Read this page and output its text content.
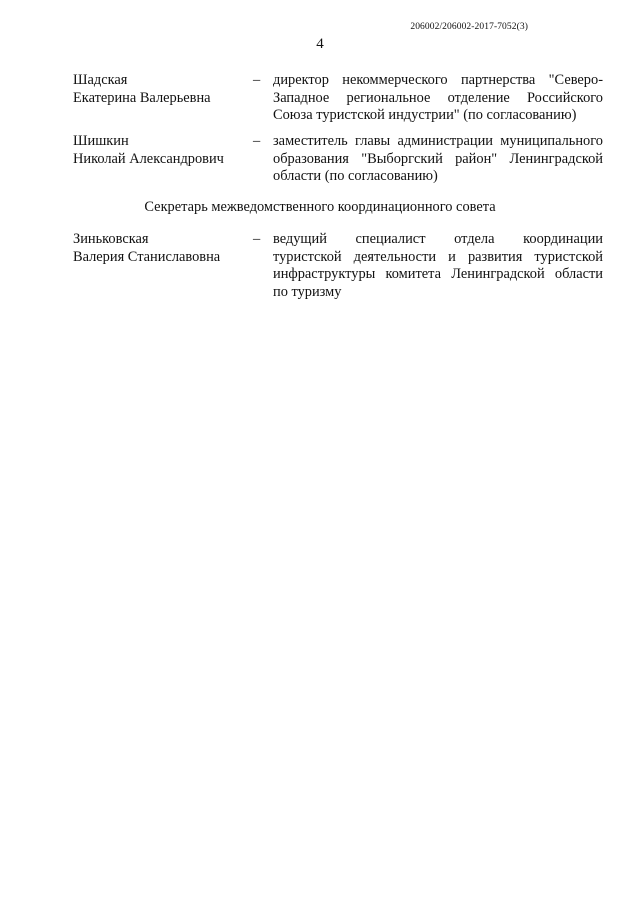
206002/206002-2017-7052(3)
4
Шадская
Екатерина Валерьевна
– директор некоммерческого партнерства "Северо-
Западное региональное отделение Российского
Союза туристской индустрии" (по согласованию)
Шишкин
Николай Александрович
– заместитель главы администрации муниципального
образования "Выборгский район" Ленинградской
области (по согласованию)
Секретарь межведомственного координационного совета
Зиньковская
Валерия Станиславовна
– ведущий специалист отдела координации
туристской деятельности и развития туристской
инфраструктуры комитета Ленинградской области
по туризму
